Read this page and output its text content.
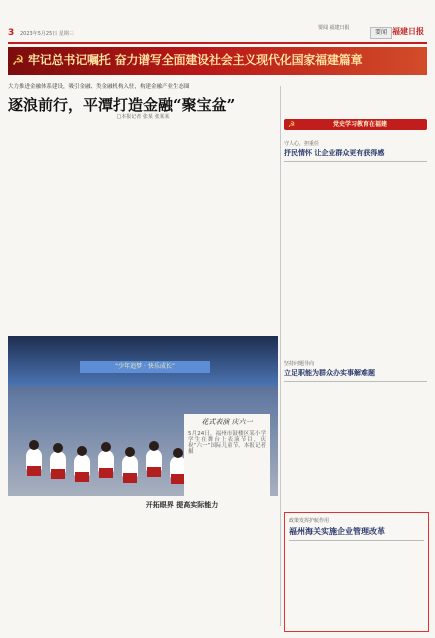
3 2023年5月25日 星期三
要闻 福建日报
要闻 福建日报
☭ 牢记总书记嘱托 奋力谱写全面建设社会主义现代化国家福建篇章
大力推进金融体系建设，吸引金融、类金融机构入驻，构建金融产业生态圈
逐浪前行，平潭打造金融“聚宝盆”
□本报记者 张某 张某某
“少年追梦 · 快乐成长”
花式表演 庆六一
5月24日，福州市鼓楼区某小学学生在舞台上表演节目，庆祝“六一”国际儿童节。本报记者 摄
开拓眼界 提高实际能力
☭	党史学习教育在福建
守人心，担重任
抒民情怀 让企业群众更有获得感
坚持问题导向
立足职能为群众办实事解难题
政策发挥护航作用
福州海关实施企业管理改革
